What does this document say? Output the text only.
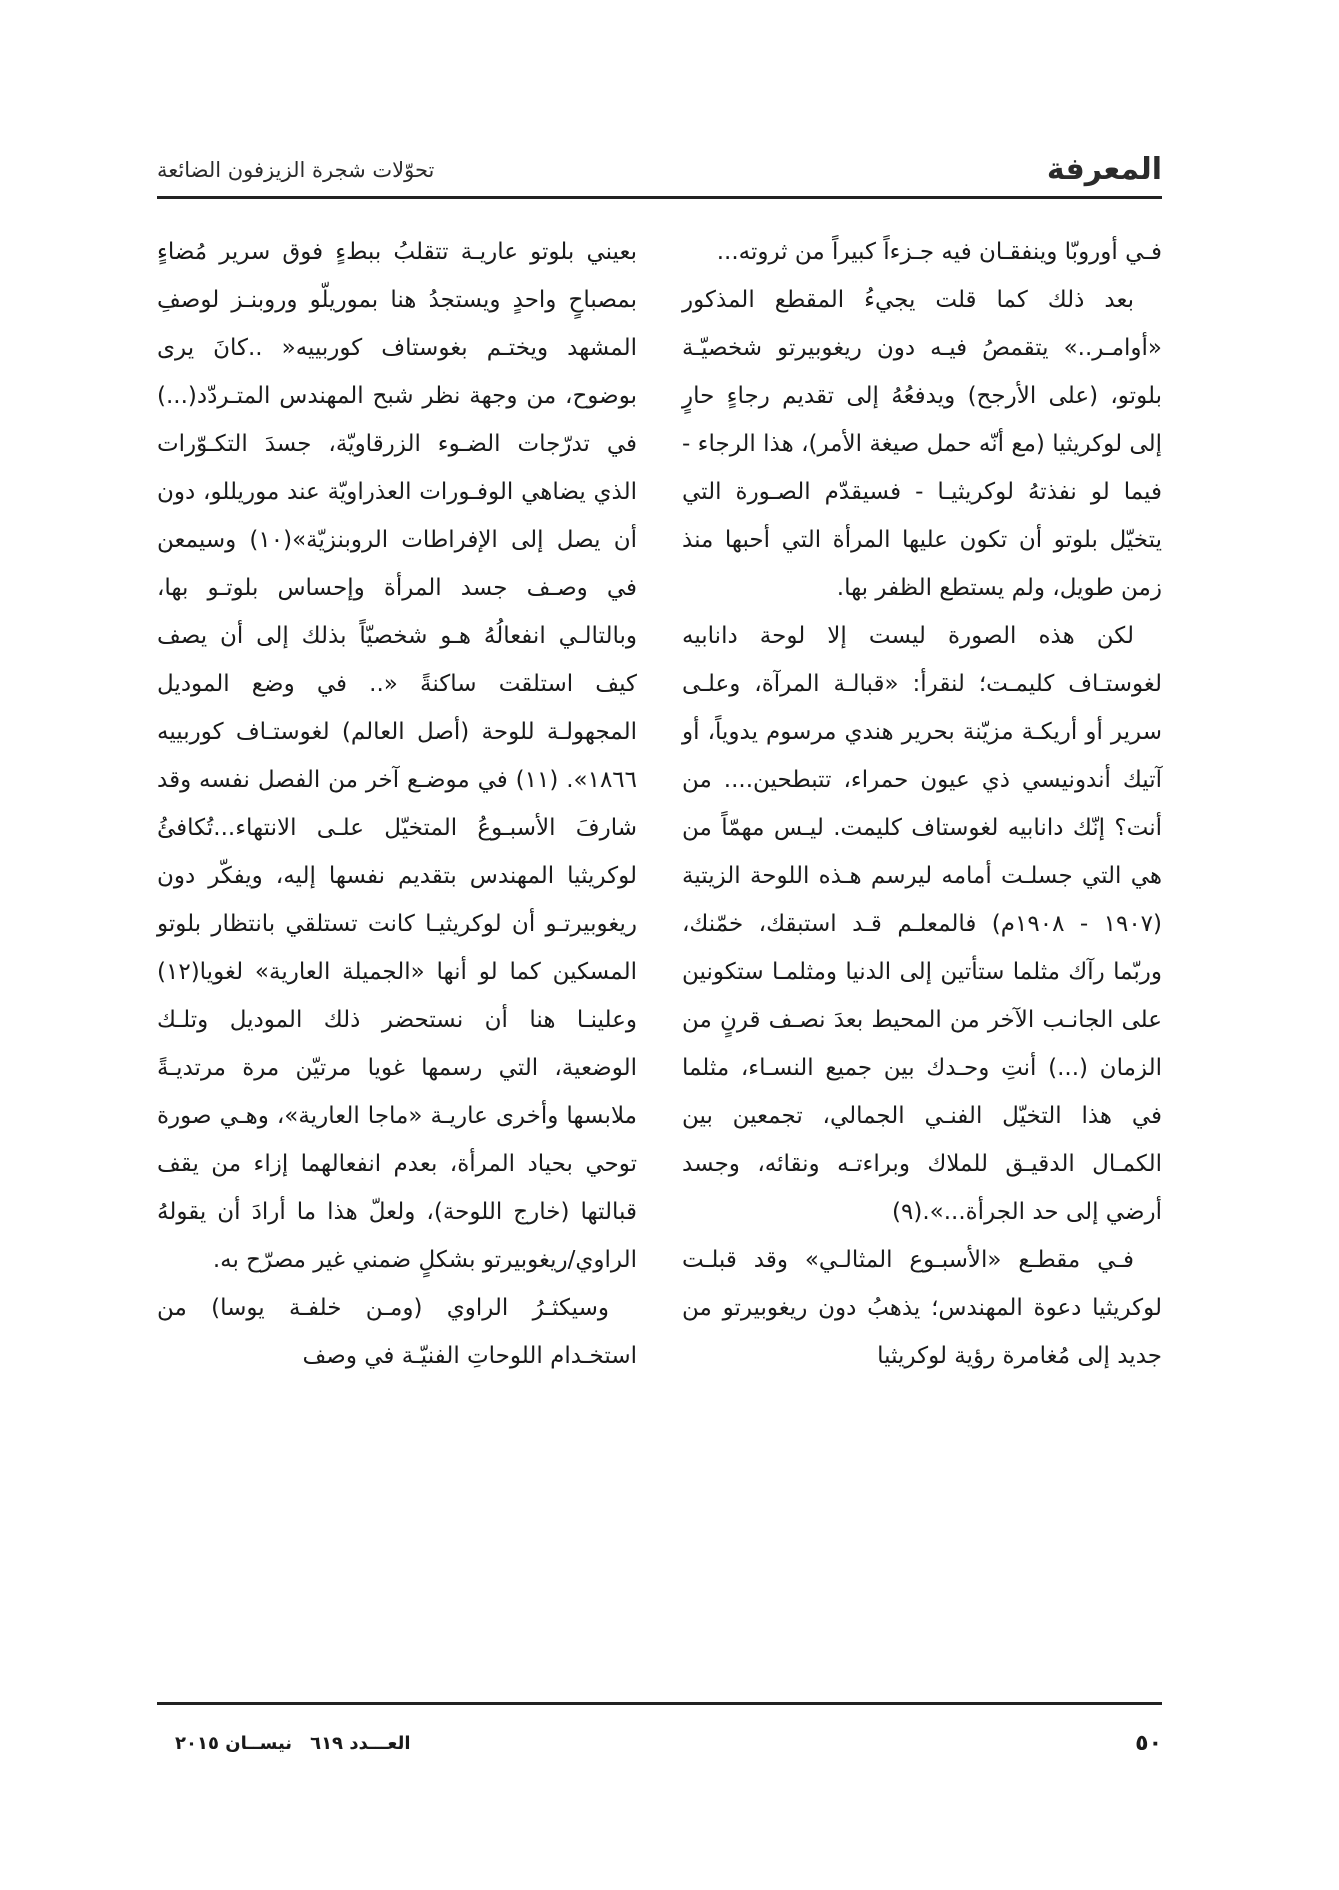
المعرفة
تحوّلات شجرة الزيزفون الضائعة

فـي أوروبّا وينفقـان فيه جـزءاً كبيراً من ثروته...

بعد ذلك كما قلت يجيءُ المقطع المذكور «أوامـر..» يتقمصُ فيـه دون ريغوبيرتو شخصيّـة بلوتو، (على الأرجح) ويدفعُهُ إلى تقديم رجاءٍ حارٍ إلى لوكريثيا (مع أنّه حمل صيغة الأمر)، هذا الرجاء - فيما لو نفذتهُ لوكريثيـا - فسيقدّم الصـورة التي يتخيّل بلوتو أن تكون عليها المرأة التي أحبها منذ زمن طويل، ولم يستطع الظفر بها.

لكن هذه الصورة ليست إلا لوحة دانابيه لغوستـاف كليمـت؛ لنقرأ: «قبالـة المرآة، وعلـى سرير أو أريكـة مزيّنة بحرير هندي مرسوم يدوياً، أو آتيك أندونيسي ذي عيون حمراء، تتبطحين.... من أنت؟ إنّك دانابيه لغوستاف كليمت. ليـس مهمّاً من هي التي جسلـت أمامه ليرسم هـذه اللوحة الزيتية (١٩٠٧ - ١٩٠٨م) فالمعلـم قـد استبقك، خمّنك، وربّما رآك مثلما ستأتين إلى الدنيا ومثلمـا ستكونين على الجانـب الآخر من المحيط بعدَ نصـف قرنٍ من الزمان (...) أنتِ وحـدك بين جميع النسـاء، مثلما في هذا التخيّل الفنـي الجمالي، تجمعين بين الكمـال الدقيـق للملاك وبراءتـه ونقائه، وجسد أرضي إلى حد الجرأة...».(٩)

فـي مقطـع «الأسبـوع المثالـي» وقد قبلـت لوكريثيا دعوة المهندس؛ يذهبُ دون ريغوبيرتو من جديد إلى مُغامرة رؤية لوكريثيا

بعيني بلوتو عاريـة تتقلبُ ببطءٍ فوق سرير مُضاءٍ بمصباحٍ واحدٍ ويستجدُ هنا بموريلّو وروبنـز لوصفِ المشهد ويختـم بغوستاف كوربييه« ..كانَ يرى بوضوح، من وجهة نظر شبح المهندس المتـردّد(...) في تدرّجات الضـوء الزرقاويّة، جسدَ التكـوّرات الذي يضاهي الوفـورات العذراويّة عند موريللو، دون أن يصل إلى الإفراطات الروبنزيّة»(١٠) وسيمعن في وصـف جسد المرأة وإحساس بلوتـو بها، وبالتالـي انفعالُهُ هـو شخصيّاً بذلك إلى أن يصف كيف استلقت ساكنةً «.. في وضع الموديل المجهولـة للوحة (أصل العالم) لغوستـاف كوربييه ١٨٦٦». (١١) في موضـع آخر من الفصل نفسه وقد شارفَ الأسبـوعُ المتخيّل علـى الانتهاء...تُكافئُ لوكريثيا المهندس بتقديم نفسها إليه، ويفكّر دون ريغوبيرتـو أن لوكريثيـا كانت تستلقي بانتظار بلوتو المسكين كما لو أنها «الجميلة العارية» لغويا(١٢) وعلينـا هنا أن نستحضر ذلك الموديل وتلـك الوضعية، التي رسمها غويا مرتيّن مرة مرتديـةً ملابسها وأخرى عاريـة «ماجا العارية»، وهـي صورة توحي بحياد المرأة، بعدم انفعالهما إزاء من يقف قبالتها (خارج اللوحة)، ولعلّ هذا ما أرادَ أن يقولهُ الراوي/ريغوبيرتو بشكلٍ ضمني غير مصرّح به.

وسيكثـرُ الراوي (ومـن خلفـة يوسا) من استخـدام اللوحاتِ الفنيّـة في وصف

٥٠
العـــدد ٦١٩نيســان ٢٠١٥
